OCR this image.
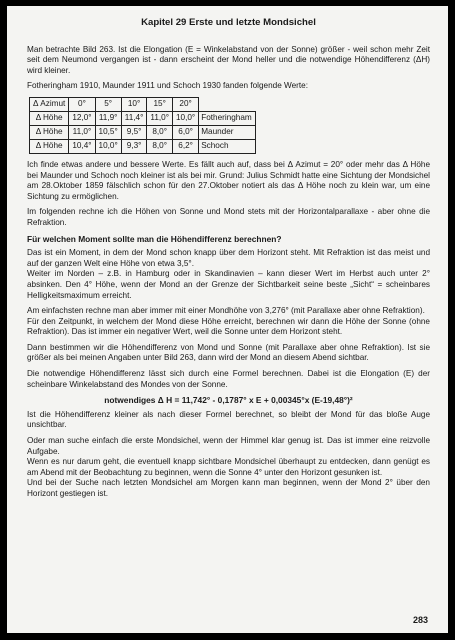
Kapitel 29 Erste und letzte Mondsichel
Man betrachte Bild 263. Ist die Elongation (E = Winkelabstand von der Sonne) größer - weil schon mehr Zeit seit dem Neumond vergangen ist - dann erscheint der Mond heller und die notwendige Höhendifferenz (ΔH) wird kleiner.
Fotheringham 1910, Maunder 1911 und Schoch 1930 fanden folgende Werte:
Δ Azimut	0°	5°	10°	15°	20°	
Δ Höhe	12,0°	11,9°	11,4°	11,0°	10,0°	Fotheringham
Δ Höhe	11,0°	10,5°	9,5°	8,0°	6,0°	Maunder
Δ Höhe	10,4°	10,0°	9,3°	8,0°	6,2°	Schoch
Ich finde etwas andere und bessere Werte. Es fällt auch auf, dass bei Δ Azimut = 20° oder mehr das Δ Höhe bei Maunder und Schoch noch kleiner ist als bei mir. Grund: Julius Schmidt hatte eine Sichtung der Mondsichel am 28.Oktober 1859 fälschlich schon für den 27.Oktober notiert als das Δ Höhe noch zu klein war, um eine Sichtung zu ermöglichen.
Im folgenden rechne ich die Höhen von Sonne und Mond stets mit der Horizontalparallaxe - aber ohne die Refraktion.
Für welchen Moment sollte man die Höhendifferenz berechnen?
Das ist ein Moment, in dem der Mond schon knapp über dem Horizont steht. Mit Refraktion ist das meist und auf der ganzen Welt eine Höhe von etwa 3,5°.
Weiter im Norden – z.B. in Hamburg oder in Skandinavien – kann dieser Wert im Herbst auch unter 2° absinken. Den 4° Höhe, wenn der Mond an der Grenze der Sichtbarkeit seine beste „Sicht“ = scheinbares Helligkeitsmaximum erreicht.
Am einfachsten rechne man aber immer mit einer Mondhöhe von 3,276° (mit Parallaxe aber ohne Refraktion).
Für den Zeitpunkt, in welchem der Mond diese Höhe erreicht, berechnen wir dann die Höhe der Sonne (ohne Refraktion). Das ist immer ein negativer Wert, weil die Sonne unter dem Horizont steht.
Dann bestimmen wir die Höhendifferenz von Mond und Sonne (mit Parallaxe aber ohne Refraktion). Ist sie größer als bei meinen Angaben unter Bild 263, dann wird der Mond an diesem Abend sichtbar.
Die notwendige Höhendifferenz lässt sich durch eine Formel berechnen. Dabei ist die Elongation (E) der scheinbare Winkelabstand des Mondes von der Sonne.
notwendiges Δ H = 11,742° - 0,1787° x E + 0,00345°x (E-19,48°)²
Ist die Höhendifferenz kleiner als nach dieser Formel berechnet, so bleibt der Mond für das bloße Auge unsichtbar.
Oder man suche einfach die erste Mondsichel, wenn der Himmel klar genug ist. Das ist immer eine reizvolle Aufgabe.
Wenn es nur darum geht, die eventuell knapp sichtbare Mondsichel überhaupt zu entdecken, dann genügt es am Abend mit der Beobachtung zu beginnen, wenn die Sonne 4° unter den Horizont gesunken ist.
Und bei der Suche nach letzten Mondsichel am Morgen kann man beginnen, wenn der Mond 2° über den Horizont gestiegen ist.
283
